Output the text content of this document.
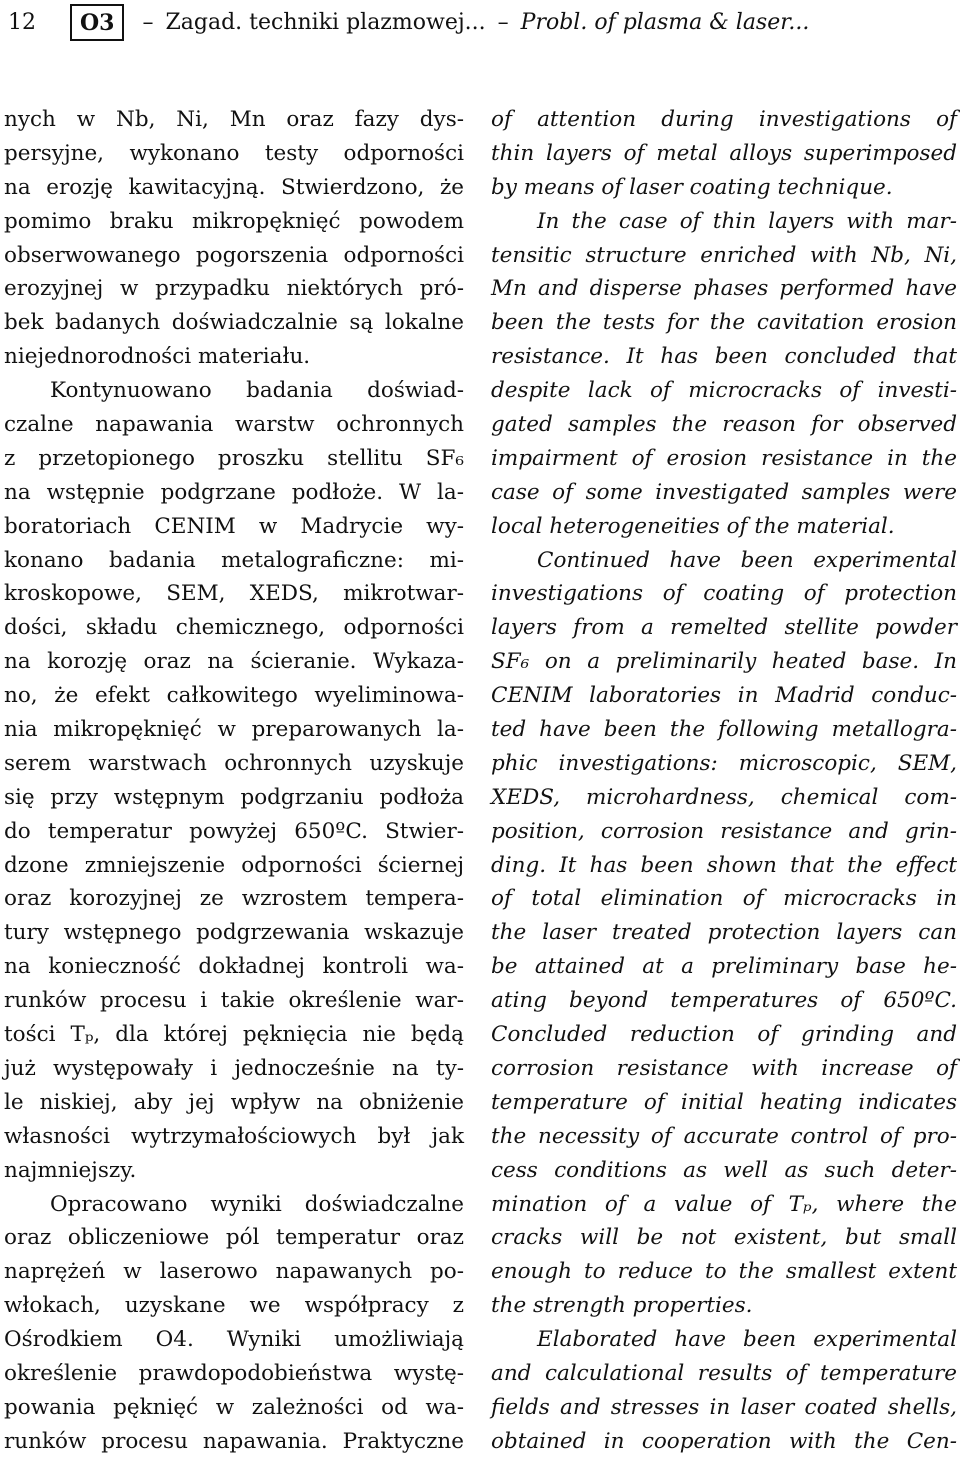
12	O3	– Zagad. techniki plazmowej... – Probl. of plasma & laser...
nych w Nb, Ni, Mn oraz fazy dys-
persyjne, wykonano testy odporności
na erozję kawitacyjną. Stwierdzono, że
pomimo braku mikropęknięć powodem
obserwowanego pogorszenia odporności
erozyjnej w przypadku niektórych pró-
bek badanych doświadczalnie są lokalne
niejednorodności materiału.
Kontynuowano badania doświad-
czalne napawania warstw ochronnych
z przetopionego proszku stellitu SF₆
na wstępnie podgrzane podłoże. W la-
boratoriach CENIM w Madrycie wy-
konano badania metalograficzne: mi-
kroskopowe, SEM, XEDS, mikrotwar-
dości, składu chemicznego, odporności
na korozję oraz na ścieranie. Wykaza-
no, że efekt całkowitego wyeliminowa-
nia mikropęknięć w preparowanych la-
serem warstwach ochronnych uzyskuje
się przy wstępnym podgrzaniu podłoża
do temperatur powyżej 650ºC. Stwier-
dzone zmniejszenie odporności ściernej
oraz korozyjnej ze wzrostem tempera-
tury wstępnego podgrzewania wskazuje
na konieczność dokładnej kontroli wa-
runków procesu i takie określenie war-
tości Tₚ, dla której pęknięcia nie będą
już występowały i jednocześnie na ty-
le niskiej, aby jej wpływ na obniżenie
własności wytrzymałościowych był jak
najmniejszy.
Opracowano wyniki doświadczalne
oraz obliczeniowe pól temperatur oraz
naprężeń w laserowo napawanych po-
włokach, uzyskane we współpracy z
Ośrodkiem O4. Wyniki umożliwiają
określenie prawdopodobieństwa wystę-
powania pęknięć w zależności od wa-
runków procesu napawania. Praktyczne
of attention during investigations of
thin layers of metal alloys superimposed
by means of laser coating technique.
In the case of thin layers with mar-
tensitic structure enriched with Nb, Ni,
Mn and disperse phases performed have
been the tests for the cavitation erosion
resistance. It has been concluded that
despite lack of microcracks of investi-
gated samples the reason for observed
impairment of erosion resistance in the
case of some investigated samples were
local heterogeneities of the material.
Continued have been experimental
investigations of coating of protection
layers from a remelted stellite powder
SF₆ on a preliminarily heated base. In
CENIM laboratories in Madrid conduc-
ted have been the following metallogra-
phic investigations: microscopic, SEM,
XEDS, microhardness, chemical com-
position, corrosion resistance and grin-
ding. It has been shown that the effect
of total elimination of microcracks in
the laser treated protection layers can
be attained at a preliminary base he-
ating beyond temperatures of 650ºC.
Concluded reduction of grinding and
corrosion resistance with increase of
temperature of initial heating indicates
the necessity of accurate control of pro-
cess conditions as well as such deter-
mination of a value of Tₚ, where the
cracks will be not existent, but small
enough to reduce to the smallest extent
the strength properties.
Elaborated have been experimental
and calculational results of temperature
fields and stresses in laser coated shells,
obtained in cooperation with the Cen-
